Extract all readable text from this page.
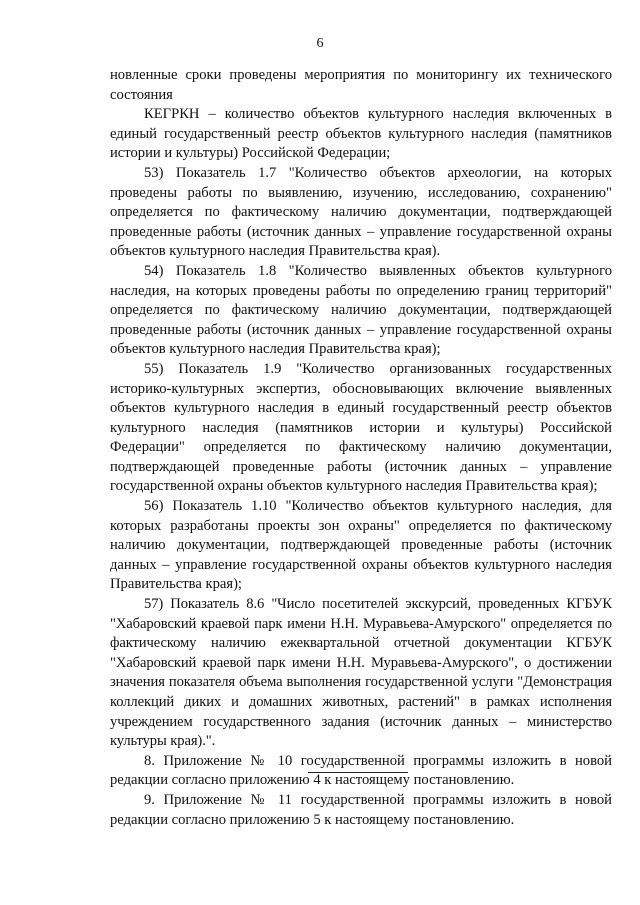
6

новленные сроки проведены мероприятия по мониторингу их технического состояния

КЕГРКН – количество объектов культурного наследия включенных в единый государственный реестр объектов культурного наследия (памятников истории и культуры) Российской Федерации;

53) Показатель 1.7 "Количество объектов археологии, на которых проведены работы по выявлению, изучению, исследованию, сохранению" определяется по фактическому наличию документации, подтверждающей проведенные работы (источник данных – управление государственной охраны объектов культурного наследия Правительства края).

54) Показатель 1.8 "Количество выявленных объектов культурного наследия, на которых проведены работы по определению границ территорий" определяется по фактическому наличию документации, подтверждающей проведенные работы (источник данных – управление государственной охраны объектов культурного наследия Правительства края);

55) Показатель 1.9 "Количество организованных государственных историко-культурных экспертиз, обосновывающих включение выявленных объектов культурного наследия в единый государственный реестр объектов культурного наследия (памятников истории и культуры) Российской Федерации" определяется по фактическому наличию документации, подтверждающей проведенные работы (источник данных – управление государственной охраны объектов культурного наследия Правительства края);

56) Показатель 1.10 "Количество объектов культурного наследия, для которых разработаны проекты зон охраны" определяется по фактическому наличию документации, подтверждающей проведенные работы (источник данных – управление государственной охраны объектов культурного наследия Правительства края);

57) Показатель 8.6 "Число посетителей экскурсий, проведенных КГБУК "Хабаровский краевой парк имени Н.Н. Муравьева-Амурского" определяется по фактическому наличию ежеквартальной отчетной документации КГБУК "Хабаровский краевой парк имени Н.Н. Муравьева-Амурского", о достижении значения показателя объема выполнения государственной услуги "Демонстрация коллекций диких и домашних животных, растений" в рамках исполнения учреждением государственного задания (источник данных – министерство культуры края).".

8. Приложение № 10 государственной программы изложить в новой редакции согласно приложению 4 к настоящему постановлению.

9. Приложение № 11 государственной программы изложить в новой редакции согласно приложению 5 к настоящему постановлению.
